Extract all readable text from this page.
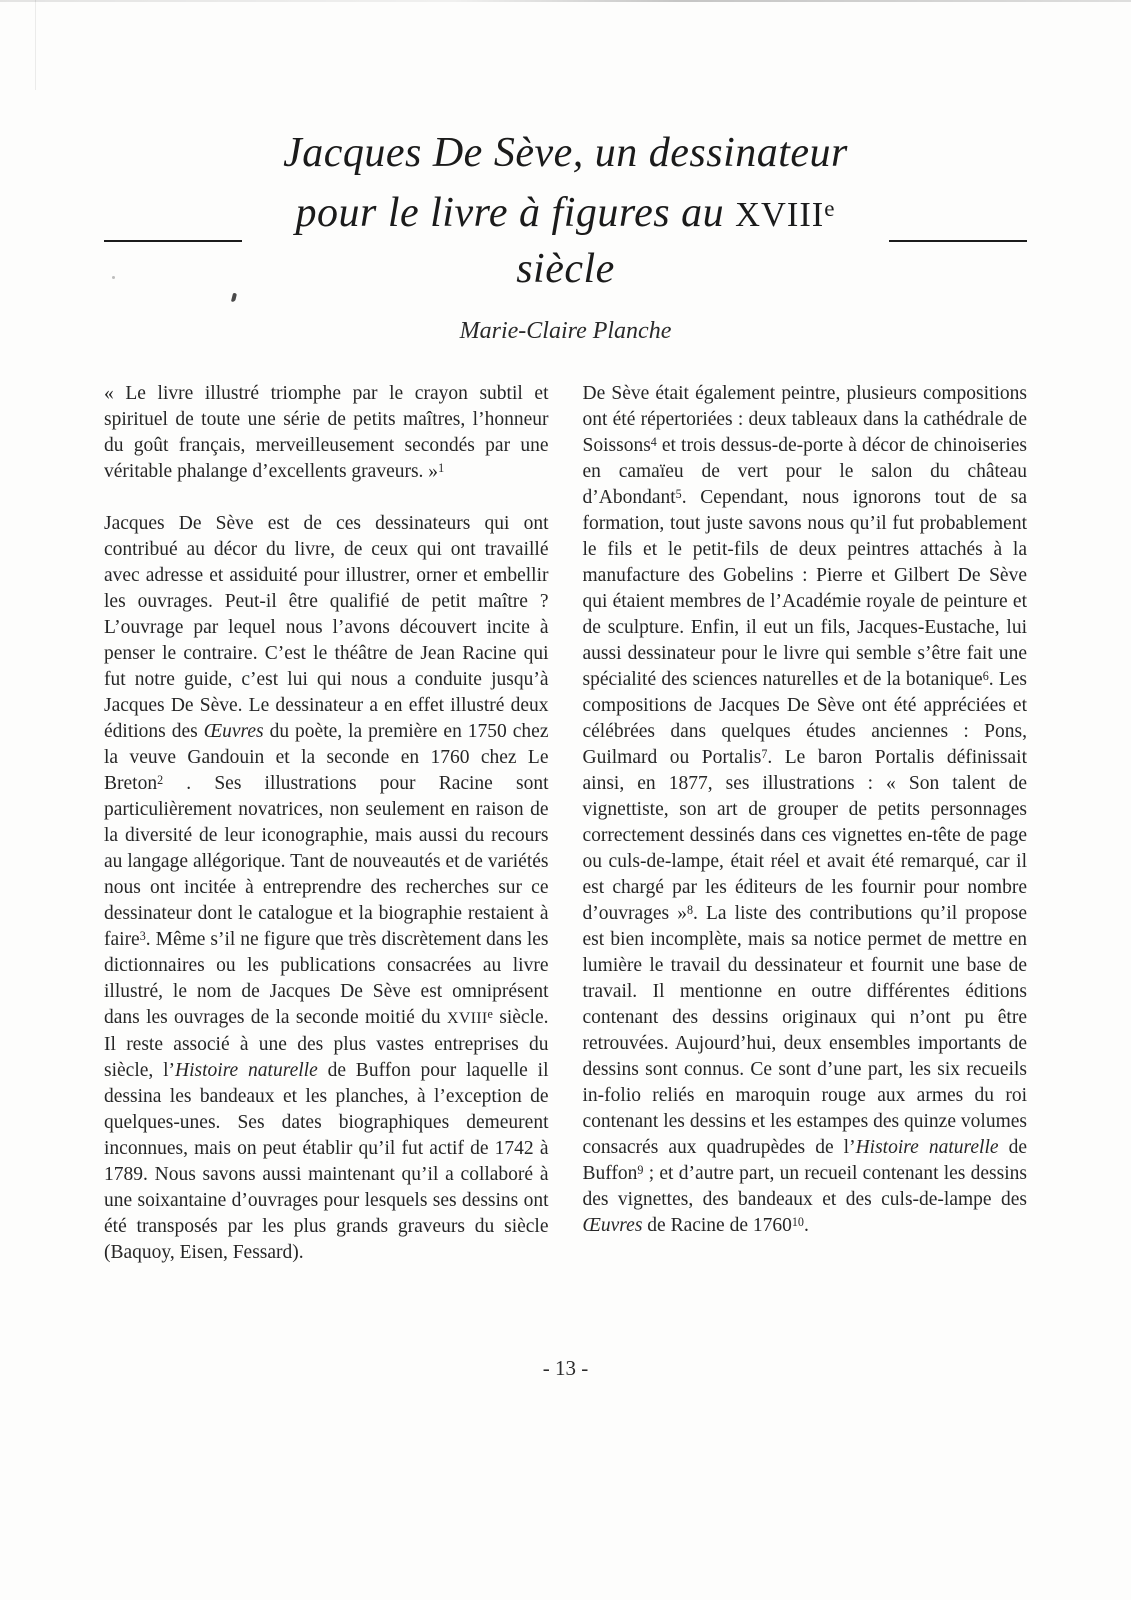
Jacques De Sève, un dessinateur
pour le livre à figures au XVIIIe siècle
Marie-Claire Planche

« Le livre illustré triomphe par le crayon subtil et spirituel de toute une série de petits maîtres, l’honneur du goût français, merveilleusement secondés par une véritable phalange d’excellents graveurs. »$^1$

Jacques De Sève est de ces dessinateurs qui ont contribué au décor du livre, de ceux qui ont travaillé avec adresse et assiduité pour illustrer, orner et embellir les ouvrages. Peut-il être qualifié de petit maître ? L’ouvrage par lequel nous l’avons découvert incite à penser le contraire. C’est le théâtre de Jean Racine qui fut notre guide, c’est lui qui nous a conduite jusqu’à Jacques De Sève. Le dessinateur a en effet illustré deux éditions des Œuvres du poète, la première en 1750 chez la veuve Gandouin et la seconde en 1760 chez Le Breton$^2$ . Ses illustrations pour Racine sont particulièrement novatrices, non seulement en raison de la diversité de leur iconographie, mais aussi du recours au langage allégorique. Tant de nouveautés et de variétés nous ont incitée à entreprendre des recherches sur ce dessinateur dont le catalogue et la biographie restaient à faire$^3$. Même s’il ne figure que très discrètement dans les dictionnaires ou les publications consacrées au livre illustré, le nom de Jacques De Sève est omniprésent dans les ouvrages de la seconde moitié du XVIIIe siècle. Il reste associé à une des plus vastes entreprises du siècle, l’Histoire naturelle de Buffon pour laquelle il dessina les bandeaux et les planches, à l’exception de quelques-unes. Ses dates biographiques demeurent inconnues, mais on peut établir qu’il fut actif de 1742 à 1789. Nous savons aussi maintenant qu’il a collaboré à une soixantaine d’ouvrages pour lesquels ses dessins ont été transposés par les plus grands graveurs du siècle (Baquoy, Eisen, Fessard).

De Sève était également peintre, plusieurs compositions ont été répertoriées : deux tableaux dans la cathédrale de Soissons$^4$ et trois dessus-de-porte à décor de chinoiseries en camaïeu de vert pour le salon du château d’Abondant$^5$. Cependant, nous ignorons tout de sa formation, tout juste savons nous qu’il fut probablement le fils et le petit-fils de deux peintres attachés à la manufacture des Gobelins : Pierre et Gilbert De Sève qui étaient membres de l’Académie royale de peinture et de sculpture. Enfin, il eut un fils, Jacques-Eustache, lui aussi dessinateur pour le livre qui semble s’être fait une spécialité des sciences naturelles et de la botanique$^6$. Les compositions de Jacques De Sève ont été appréciées et célébrées dans quelques études anciennes : Pons, Guilmard ou Portalis$^7$. Le baron Portalis définissait ainsi, en 1877, ses illustrations : « Son talent de vignettiste, son art de grouper de petits personnages correctement dessinés dans ces vignettes en-tête de page ou culs-de-lampe, était réel et avait été remarqué, car il est chargé par les éditeurs de les fournir pour nombre d’ouvrages »$^8$. La liste des contributions qu’il propose est bien incomplète, mais sa notice permet de mettre en lumière le travail du dessinateur et fournit une base de travail. Il mentionne en outre différentes éditions contenant des dessins originaux qui n’ont pu être retrouvées. Aujourd’hui, deux ensembles importants de dessins sont connus. Ce sont d’une part, les six recueils in-folio reliés en maroquin rouge aux armes du roi contenant les dessins et les estampes des quinze volumes consacrés aux quadrupèdes de l’Histoire naturelle de Buffon$^9$ ; et d’autre part, un recueil contenant les dessins des vignettes, des bandeaux et des culs-de-lampe des Œuvres de Racine de 1760$^{10}$.

- 13 -
